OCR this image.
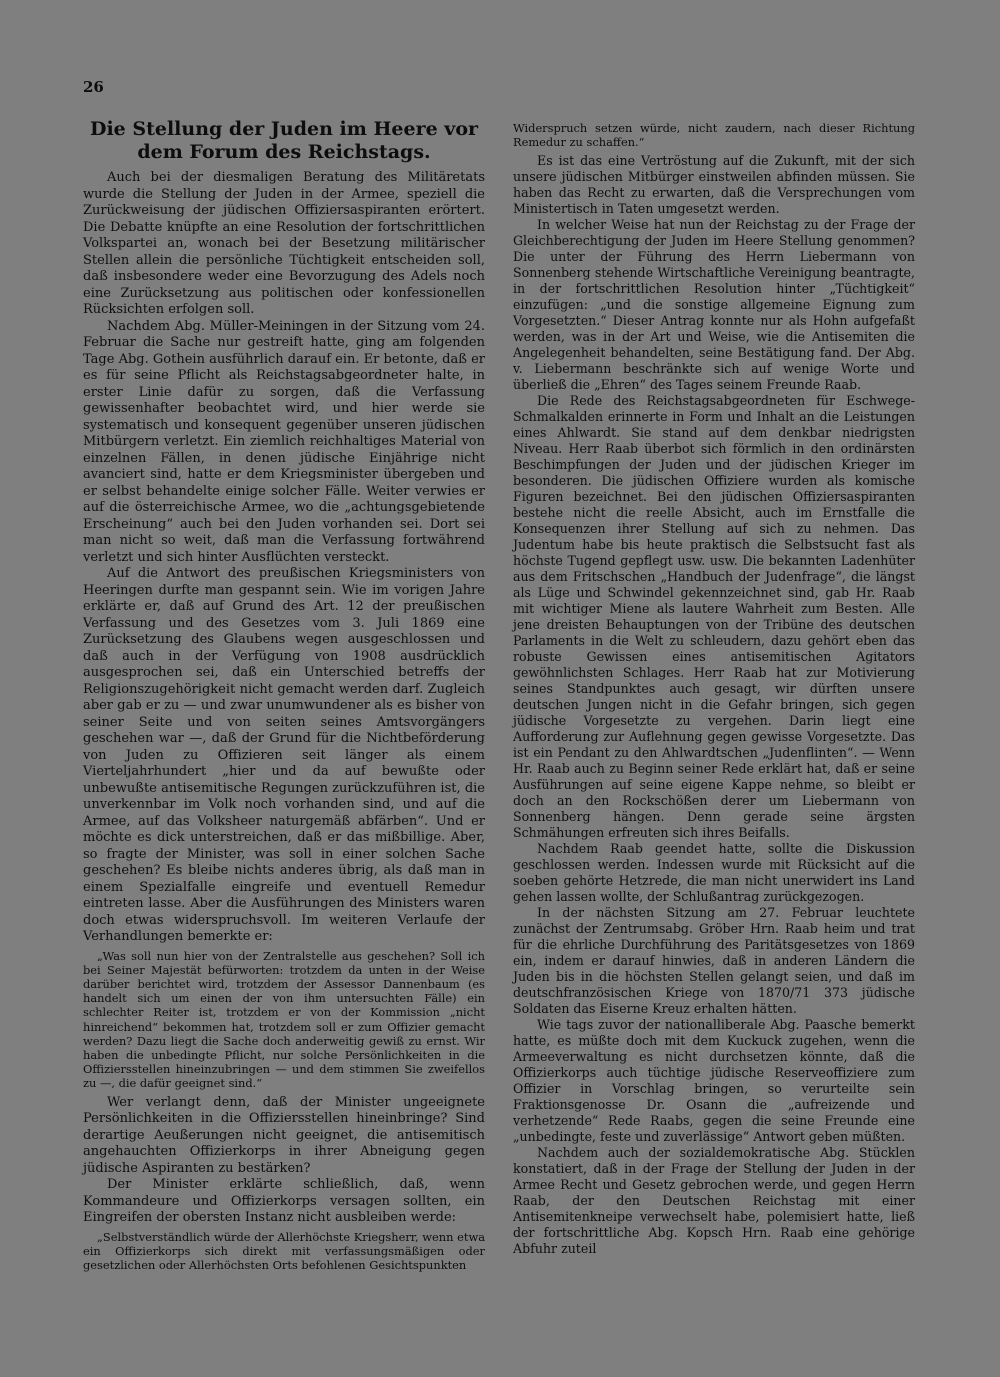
26
Die Stellung der Juden im Heere vor dem Forum des Reichstags.

Auch bei der diesmaligen Beratung des Militäretats wurde die Stellung der Juden in der Armee, speziell die Zurückweisung der jüdischen Offiziersaspiranten erörtert. Die Debatte knüpfte an eine Resolution der fortschrittlichen Volkspartei an, wonach bei der Besetzung militärischer Stellen allein die persönliche Tüchtigkeit entscheiden soll, daß insbesondere weder eine Bevorzugung des Adels noch eine Zurücksetzung aus politischen oder konfessionellen Rücksichten erfolgen soll.

Nachdem Abg. Müller-Meiningen in der Sitzung vom 24. Februar die Sache nur gestreift hatte, ging am folgenden Tage Abg. Gothein ausführlich darauf ein. Er betonte, daß er es für seine Pflicht als Reichstagsabgeordneter halte, in erster Linie dafür zu sorgen, daß die Verfassung gewissenhafter beobachtet wird, und hier werde sie systematisch und konsequent gegenüber unseren jüdischen Mitbürgern verletzt. Ein ziemlich reichhaltiges Material von einzelnen Fällen, in denen jüdische Einjährige nicht avanciert sind, hatte er dem Kriegsminister übergeben und er selbst behandelte einige solcher Fälle. Weiter verwies er auf die österreichische Armee, wo die „achtungsgebietende Erscheinung“ auch bei den Juden vorhanden sei. Dort sei man nicht so weit, daß man die Verfassung fortwährend verletzt und sich hinter Ausflüchten versteckt.

Auf die Antwort des preußischen Kriegsministers von Heeringen durfte man gespannt sein. Wie im vorigen Jahre erklärte er, daß auf Grund des Art. 12 der preußischen Verfassung und des Gesetzes vom 3. Juli 1869 eine Zurücksetzung des Glaubens wegen ausgeschlossen und daß auch in der Verfügung von 1908 ausdrücklich ausgesprochen sei, daß ein Unterschied betreffs der Religionszugehörigkeit nicht gemacht werden darf. Zugleich aber gab er zu — und zwar unumwundener als es bisher von seiner Seite und von seiten seines Amtsvorgängers geschehen war —, daß der Grund für die Nichtbeförderung von Juden zu Offizieren seit länger als einem Vierteljahrhundert „hier und da auf bewußte oder unbewußte antisemitische Regungen zurückzuführen ist, die unverkennbar im Volk noch vorhanden sind, und auf die Armee, auf das Volksheer naturgemäß abfärben“. Und er möchte es dick unterstreichen, daß er das mißbillige. Aber, so fragte der Minister, was soll in einer solchen Sache geschehen? Es bleibe nichts anderes übrig, als daß man in einem Spezialfalle eingreife und eventuell Remedur eintreten lasse. Aber die Ausführungen des Ministers waren doch etwas widerspruchsvoll. Im weiteren Verlaufe der Verhandlungen bemerkte er:

„Was soll nun hier von der Zentralstelle aus geschehen? Soll ich bei Seiner Majestät befürworten: trotzdem da unten in der Weise darüber berichtet wird, trotzdem der Assessor Dannenbaum (es handelt sich um einen der von ihm untersuchten Fälle) ein schlechter Reiter ist, trotzdem er von der Kommission „nicht hinreichend“ bekommen hat, trotzdem soll er zum Offizier gemacht werden? Dazu liegt die Sache doch anderweitig gewiß zu ernst. Wir haben die unbedingte Pflicht, nur solche Persönlichkeiten in die Offiziersstellen hineinzubringen — und dem stimmen Sie zweifellos zu —, die dafür geeignet sind.“

Wer verlangt denn, daß der Minister ungeeignete Persönlichkeiten in die Offiziersstellen hineinbringe? Sind derartige Aeußerungen nicht geeignet, die antisemitisch angehauchten Offizierkorps in ihrer Abneigung gegen jüdische Aspiranten zu bestärken?

Der Minister erklärte schließlich, daß, wenn Kommandeure und Offizierkorps versagen sollten, ein Eingreifen der obersten Instanz nicht ausbleiben werde:

„Selbstverständlich würde der Allerhöchste Kriegsherr, wenn etwa ein Offizierkorps sich direkt mit verfassungsmäßigen oder gesetzlichen oder Allerhöchsten Orts befohlenen Gesichtspunkten

Widerspruch setzen würde, nicht zaudern, nach dieser Richtung Remedur zu schaffen.“

Es ist das eine Vertröstung auf die Zukunft, mit der sich unsere jüdischen Mitbürger einstweilen abfinden müssen. Sie haben das Recht zu erwarten, daß die Versprechungen vom Ministertisch in Taten umgesetzt werden.

In welcher Weise hat nun der Reichstag zu der Frage der Gleichberechtigung der Juden im Heere Stellung genommen? Die unter der Führung des Herrn Liebermann von Sonnenberg stehende Wirtschaftliche Vereinigung beantragte, in der fortschrittlichen Resolution hinter „Tüchtigkeit“ einzufügen: „und die sonstige allgemeine Eignung zum Vorgesetzten.“ Dieser Antrag konnte nur als Hohn aufgefaßt werden, was in der Art und Weise, wie die Antisemiten die Angelegenheit behandelten, seine Bestätigung fand. Der Abg. v. Liebermann beschränkte sich auf wenige Worte und überließ die „Ehren“ des Tages seinem Freunde Raab.

Die Rede des Reichstagsabgeordneten für Eschwege-Schmalkalden erinnerte in Form und Inhalt an die Leistungen eines Ahlwardt. Sie stand auf dem denkbar niedrigsten Niveau. Herr Raab überbot sich förmlich in den ordinärsten Beschimpfungen der Juden und der jüdischen Krieger im besonderen. Die jüdischen Offiziere wurden als komische Figuren bezeichnet. Bei den jüdischen Offiziersaspiranten bestehe nicht die reelle Absicht, auch im Ernstfalle die Konsequenzen ihrer Stellung auf sich zu nehmen. Das Judentum habe bis heute praktisch die Selbstsucht fast als höchste Tugend gepflegt usw. usw. Die bekannten Ladenhüter aus dem Fritschschen „Handbuch der Judenfrage“, die längst als Lüge und Schwindel gekennzeichnet sind, gab Hr. Raab mit wichtiger Miene als lautere Wahrheit zum Besten. Alle jene dreisten Behauptungen von der Tribüne des deutschen Parlaments in die Welt zu schleudern, dazu gehört eben das robuste Gewissen eines antisemitischen Agitators gewöhnlichsten Schlages. Herr Raab hat zur Motivierung seines Standpunktes auch gesagt, wir dürften unsere deutschen Jungen nicht in die Gefahr bringen, sich gegen jüdische Vorgesetzte zu vergehen. Darin liegt eine Aufforderung zur Auflehnung gegen gewisse Vorgesetzte. Das ist ein Pendant zu den Ahlwardtschen „Judenflinten“. — Wenn Hr. Raab auch zu Beginn seiner Rede erklärt hat, daß er seine Ausführungen auf seine eigene Kappe nehme, so bleibt er doch an den Rockschößen derer um Liebermann von Sonnenberg hängen. Denn gerade seine ärgsten Schmähungen erfreuten sich ihres Beifalls.

Nachdem Raab geendet hatte, sollte die Diskussion geschlossen werden. Indessen wurde mit Rücksicht auf die soeben gehörte Hetzrede, die man nicht unerwidert ins Land gehen lassen wollte, der Schlußantrag zurückgezogen.

In der nächsten Sitzung am 27. Februar leuchtete zunächst der Zentrumsabg. Gröber Hrn. Raab heim und trat für die ehrliche Durchführung des Paritätsgesetzes von 1869 ein, indem er darauf hinwies, daß in anderen Ländern die Juden bis in die höchsten Stellen gelangt seien, und daß im deutschfranzösischen Kriege von 1870/71 373 jüdische Soldaten das Eiserne Kreuz erhalten hätten.

Wie tags zuvor der nationalliberale Abg. Paasche bemerkt hatte, es müßte doch mit dem Kuckuck zugehen, wenn die Armeeverwaltung es nicht durchsetzen könnte, daß die Offizierkorps auch tüchtige jüdische Reserveoffiziere zum Offizier in Vorschlag bringen, so verurteilte sein Fraktionsgenosse Dr. Osann die „aufreizende und verhetzende“ Rede Raabs, gegen die seine Freunde eine „unbedingte, feste und zuverlässige“ Antwort geben müßten.

Nachdem auch der sozialdemokratische Abg. Stücklen konstatiert, daß in der Frage der Stellung der Juden in der Armee Recht und Gesetz gebrochen werde, und gegen Herrn Raab, der den Deutschen Reichstag mit einer Antisemitenkneipe verwechselt habe, polemisiert hatte, ließ der fortschrittliche Abg. Kopsch Hrn. Raab eine gehörige Abfuhr zuteil
